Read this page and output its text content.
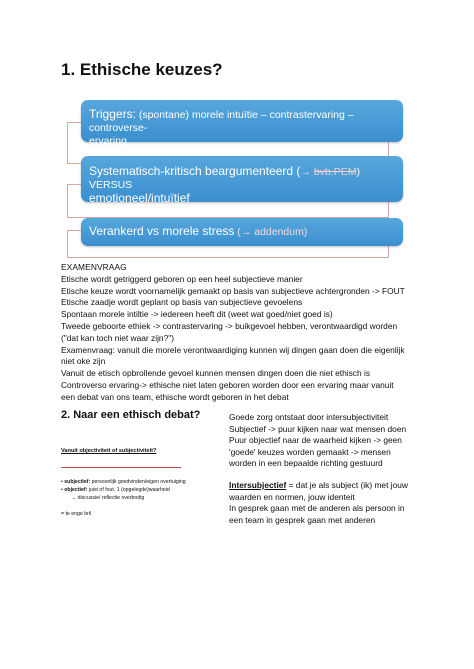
1. Ethische keuzes?
Triggers: (spontane) morele intuïtie – contrastervaring – controverse-
ervaring
Systematisch-kritisch beargumenteerd (→ bvb.PEM) VERSUS
emotioneel/intuïtief
Verankerd vs morele stress (→ addendum)
EXAMENVRAAG
Etische wordt getriggerd geboren op een heel subjectieve manier
Etische keuze wordt voornamelijk gemaakt op basis van subjectieve achtergronden -> FOUT
Etische zaadje wordt geplant op basis van subjectieve gevoelens
Spontaan morele intiltie -> iedereen heeft dit (weet wat goed/niet goed is)
Tweede geboorte ethiek -> contrastervaring -> buikgevoel hebben, verontwaardigd worden
("dat kan toch niet waar zijn?")
Examenvraag: vanuit die morele verontwaardiging kunnen wij dingen gaan doen die eigenlijk
niet oke zijn
Vanuit de etisch opbrollende gevoel kunnen mensen dingen doen die niet ethisch is
Controverso ervaring-> ethische niet laten geboren worden door een ervaring maar vanuit
een debat van ons team, ethische wordt geboren in het debat
2. Naar een ethisch debat?
Vanuit objectiviteit of subjectiviteit?
• subjectief: persoonlijk goedvinden/eigen overtuiging
• objectief: juist of fout, 1 (opgelegde)waarheid
→ discussie/ reflectie overbodig
= te enge bril
Goede zorg ontstaat door intersubjectiviteit
Subjectief -> puur kijken naar wat mensen doen
Puur objectief naar de waarheid kijken -> geen
'goede' keuzes worden gemaakt -> mensen
worden in een bepaalde richting gestuurd
Intersubjectief = dat je als subject (ik) met jouw
waarden en normen, jouw identeit
In gesprek gaan met de anderen als persoon in
een team in gesprek gaan met anderen
